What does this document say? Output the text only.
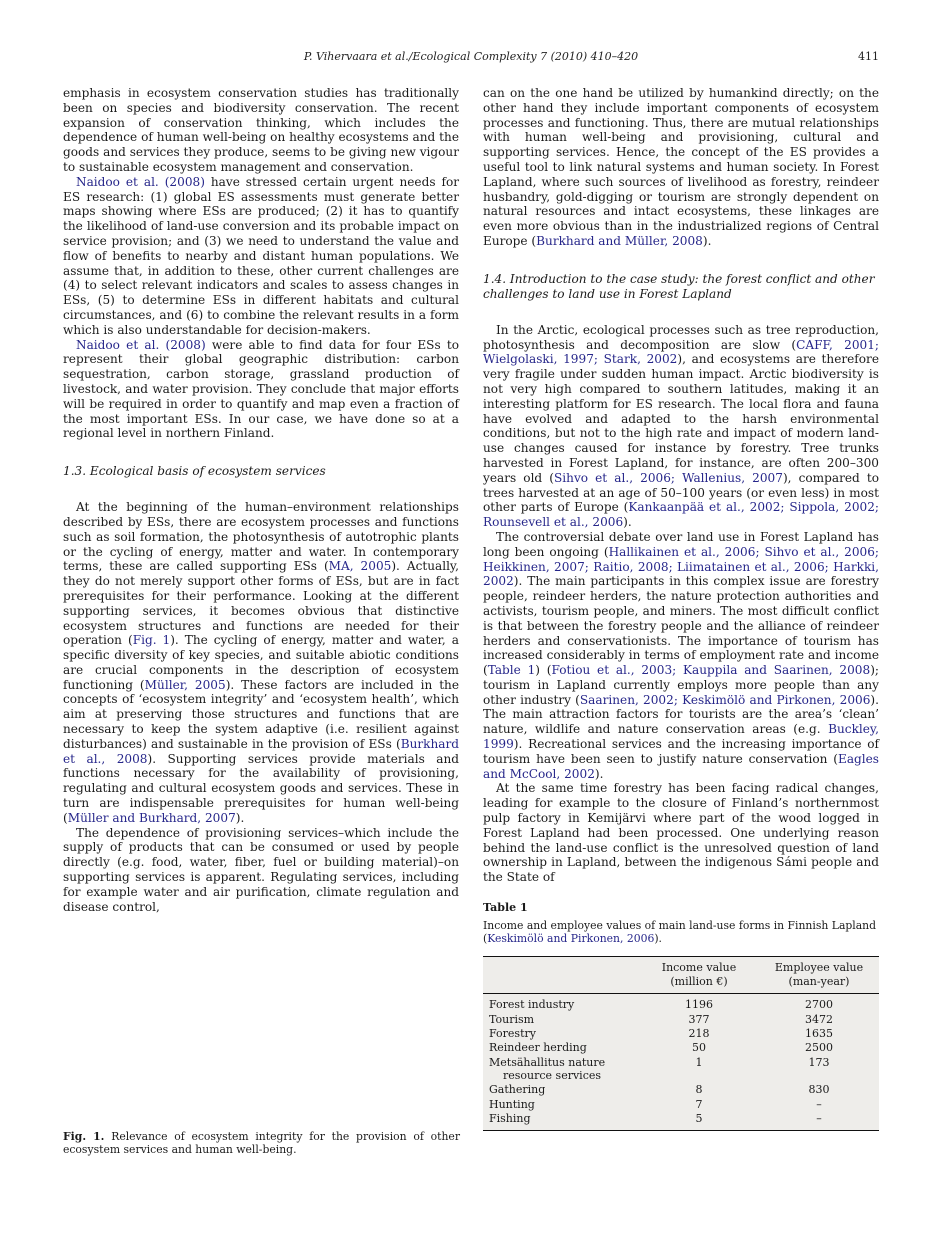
P. Vihervaara et al./Ecological Complexity 7 (2010) 410–420	411

emphasis in ecosystem conservation studies has traditionally been on species and biodiversity conservation. The recent expansion of conservation thinking, which includes the dependence of human well-being on healthy ecosystems and the goods and services they produce, seems to be giving new vigour to sustainable ecosystem management and conservation.

Naidoo et al. (2008) have stressed certain urgent needs for ES research: (1) global ES assessments must generate better maps showing where ESs are produced; (2) it has to quantify the likelihood of land-use conversion and its probable impact on service provision; and (3) we need to understand the value and flow of benefits to nearby and distant human populations. We assume that, in addition to these, other current challenges are (4) to select relevant indicators and scales to assess changes in ESs, (5) to determine ESs in different habitats and cultural circumstances, and (6) to combine the relevant results in a form which is also understandable for decision-makers.

Naidoo et al. (2008) were able to find data for four ESs to represent their global geographic distribution: carbon sequestration, carbon storage, grassland production of livestock, and water provision. They conclude that major efforts will be required in order to quantify and map even a fraction of the most important ESs. In our case, we have done so at a regional level in northern Finland.

1.3. Ecological basis of ecosystem services

At the beginning of the human–environment relationships described by ESs, there are ecosystem processes and functions such as soil formation, the photosynthesis of autotrophic plants or the cycling of energy, matter and water. In contemporary terms, these are called supporting ESs (MA, 2005). Actually, they do not merely support other forms of ESs, but are in fact prerequisites for their performance. Looking at the different supporting services, it becomes obvious that distinctive ecosystem structures and functions are needed for their operation (Fig. 1). The cycling of energy, matter and water, a specific diversity of key species, and suitable abiotic conditions are crucial components in the description of ecosystem functioning (Müller, 2005). These factors are included in the concepts of ‘ecosystem integrity’ and ‘ecosystem health’, which aim at preserving those structures and functions that are necessary to keep the system adaptive (i.e. resilient against disturbances) and sustainable in the provision of ESs (Burkhard et al., 2008). Supporting services provide materials and functions necessary for the availability of provisioning, regulating and cultural ecosystem goods and services. These in turn are indispensable prerequisites for human well-being (Müller and Burkhard, 2007).

The dependence of provisioning services–which include the supply of products that can be consumed or used by people directly (e.g. food, water, fiber, fuel or building material)–on supporting services is apparent. Regulating services, including for example water and air purification, climate regulation and disease control,

can on the one hand be utilized by humankind directly; on the other hand they include important components of ecosystem processes and functioning. Thus, there are mutual relationships with human well-being and provisioning, cultural and supporting services. Hence, the concept of the ES provides a useful tool to link natural systems and human society. In Forest Lapland, where such sources of livelihood as forestry, reindeer husbandry, gold-digging or tourism are strongly dependent on natural resources and intact ecosystems, these linkages are even more obvious than in the industrialized regions of Central Europe (Burkhard and Müller, 2008).

1.4. Introduction to the case study: the forest conflict and other challenges to land use in Forest Lapland

In the Arctic, ecological processes such as tree reproduction, photosynthesis and decomposition are slow (CAFF, 2001; Wielgolaski, 1997; Stark, 2002), and ecosystems are therefore very fragile under sudden human impact. Arctic biodiversity is not very high compared to southern latitudes, making it an interesting platform for ES research. The local flora and fauna have evolved and adapted to the harsh environmental conditions, but not to the high rate and impact of modern land-use changes caused for instance by forestry. Tree trunks harvested in Forest Lapland, for instance, are often 200–300 years old (Sihvo et al., 2006; Wallenius, 2007), compared to trees harvested at an age of 50–100 years (or even less) in most other parts of Europe (Kankaanpää et al., 2002; Sippola, 2002; Rounsevell et al., 2006).

The controversial debate over land use in Forest Lapland has long been ongoing (Hallikainen et al., 2006; Sihvo et al., 2006; Heikkinen, 2007; Raitio, 2008; Liimatainen et al., 2006; Harkki, 2002). The main participants in this complex issue are forestry people, reindeer herders, the nature protection authorities and activists, tourism people, and miners. The most difficult conflict is that between the forestry people and the alliance of reindeer herders and conservationists. The importance of tourism has increased considerably in terms of employment rate and income (Table 1) (Fotiou et al., 2003; Kauppila and Saarinen, 2008); tourism in Lapland currently employs more people than any other industry (Saarinen, 2002; Keskimölö and Pirkonen, 2006). The main attraction factors for tourists are the area’s ‘clean’ nature, wildlife and nature conservation areas (e.g. Buckley, 1999). Recreational services and the increasing importance of tourism have been seen to justify nature conservation (Eagles and McCool, 2002).

At the same time forestry has been facing radical changes, leading for example to the closure of Finland’s northernmost pulp factory in Kemijärvi where part of the wood logged in Forest Lapland had been processed. One underlying reason behind the land-use conflict is the unresolved question of land ownership in Lapland, between the indigenous Sámi people and the State of

Table 1
Income and employee values of main land-use forms in Finnish Lapland (Keskimölö and Pirkonen, 2006).

	Income value
(million €)	Employee value
(man-year)

Forest industry	1196	2700

Tourism	377	3472

Forestry	218	1635

Reindeer herding	50	2500

Metsähallitus nature resource services	1	173

Gathering	8	830

Hunting	7	–

Fishing	5	–
Fig. 1. Relevance of ecosystem integrity for the provision of other ecosystem services and human well-being.
